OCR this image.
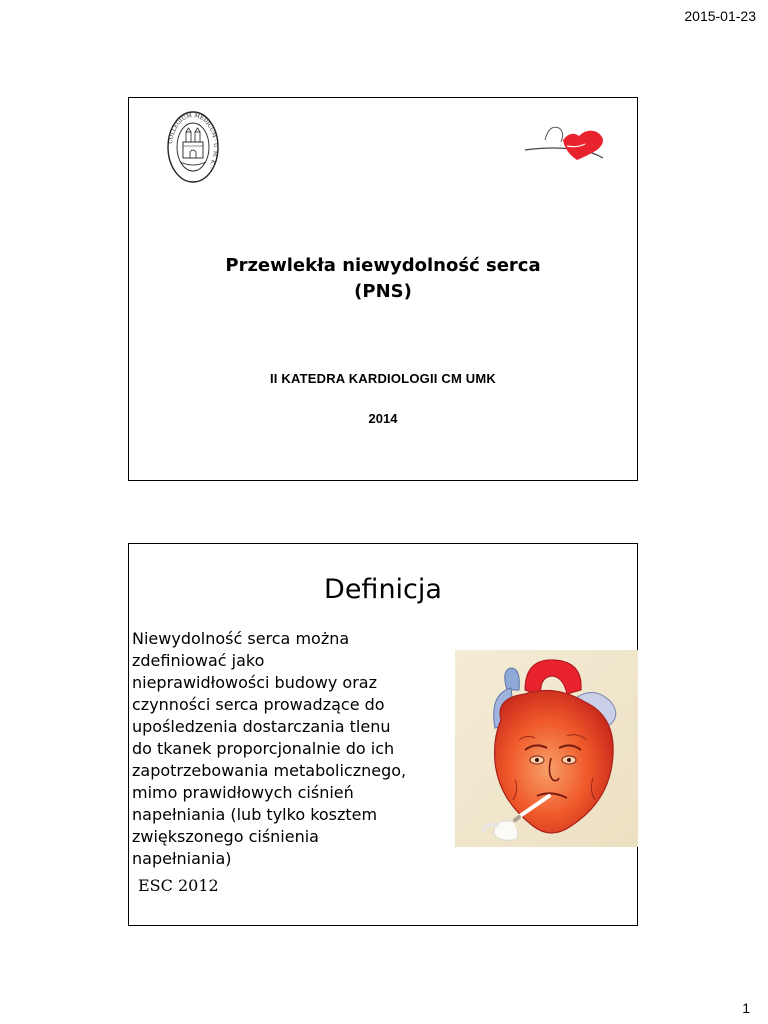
2015-01-23
COLLEGIUM MEDICUM · U. M. K. ·
Przewlekła niewydolność serca
(PNS)
II KATEDRA KARDIOLOGII CM UMK
2014
Definicja
Niewydolność serca można
zdefiniować jako
nieprawidłowości budowy oraz
czynności serca prowadzące do
upośledzenia dostarczania tlenu
do tkanek proporcjonalnie do ich
zapotrzebowania metabolicznego,
mimo prawidłowych ciśnień
napełniania (lub tylko kosztem
zwiększonego ciśnienia
napełniania)
ESC 2012
1
